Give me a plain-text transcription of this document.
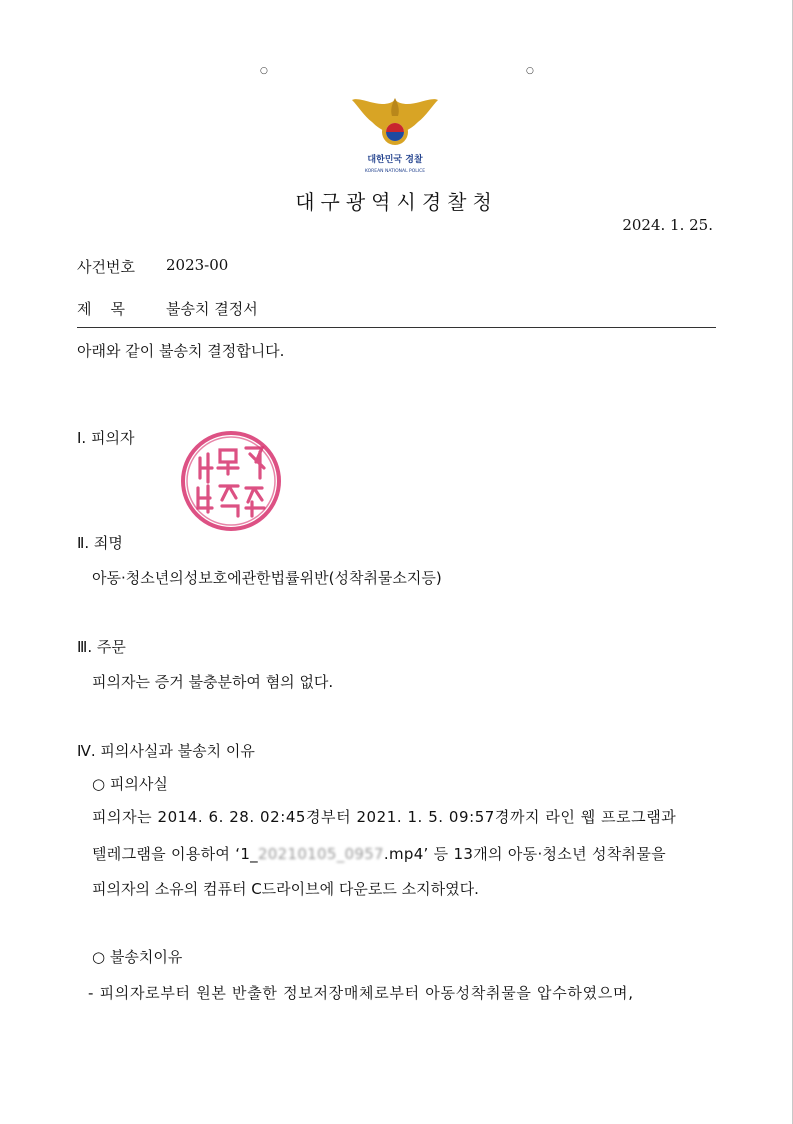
○	○
대한민국 경찰
KOREAN NATIONAL POLICE
대구광역시경찰청
2024. 1. 25.
사건번호 2023-00
제    목	불송치 결정서
아래와 같이 불송치 결정합니다.
Ⅰ. 피의자
변호사 박준영
Ⅱ. 죄명
아동·청소년의성보호에관한법률위반(성착취물소지등)
Ⅲ. 주문
피의자는 증거 불충분하여 혐의 없다.
Ⅳ. 피의사실과 불송치 이유
○ 피의사실
피의자는 2014. 6. 28. 02:45경부터 2021. 1. 5. 09:57경까지 라인 웹 프로그램과
텔레그램을 이용하여 ‘1_20210105_0957.mp4’ 등 13개의 아동·청소년 성착취물을
피의자의 소유의 컴퓨터 C드라이브에 다운로드 소지하였다.
○ 불송치이유
- 피의자로부터 원본 반출한 정보저장매체로부터 아동성착취물을 압수하였으며,
